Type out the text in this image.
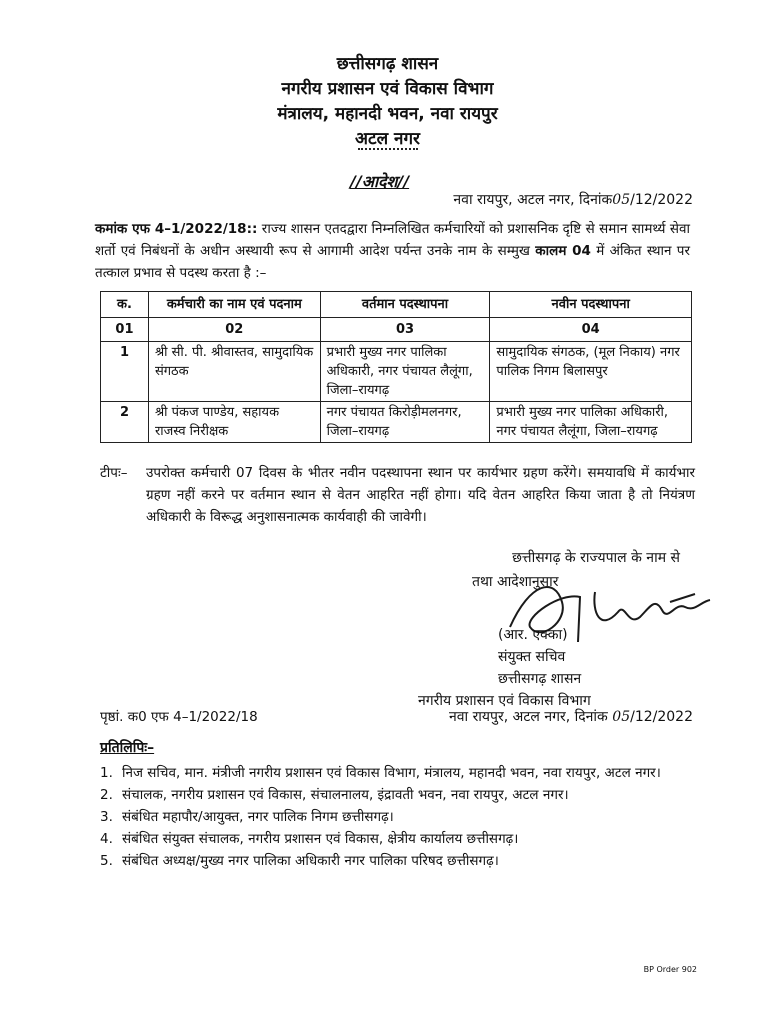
छत्तीसगढ़ शासन
नगरीय प्रशासन एवं विकास विभाग
मंत्रालय, महानदी भवन, नवा रायपुर
अटल नगर
//आदेश//
नवा रायपुर, अटल नगर, दिनांक05/12/2022
कमांक एफ 4–1/2022/18:: राज्य शासन एतदद्वारा निम्नलिखित कर्मचारियों को प्रशासनिक दृष्टि से समान सामर्थ्य सेवा शर्तो एवं निबंधनों के अधीन अस्थायी रूप से आगामी आदेश पर्यन्त उनके नाम के सम्मुख कालम 04 में अंकित स्थान पर तत्काल प्रभाव से पदस्थ करता है :–
क.	कर्मचारी का नाम एवं पदनाम	वर्तमान पदस्थापना	नवीन पदस्थापना
01	02	03	04
1	श्री सी. पी. श्रीवास्तव, सामुदायिक संगठक	प्रभारी मुख्य नगर पालिका अधिकारी, नगर पंचायत लैलूंगा, जिला–रायगढ़	सामुदायिक संगठक, (मूल निकाय) नगर पालिक निगम बिलासपुर
2	श्री पंकज पाण्डेय, सहायक राजस्व निरीक्षक	नगर पंचायत किरोड़ीमलनगर, जिला–रायगढ़	प्रभारी मुख्य नगर पालिका अधिकारी, नगर पंचायत लैलूंगा, जिला–रायगढ़
टीपः– उपरोक्त कर्मचारी 07 दिवस के भीतर नवीन पदस्थापना स्थान पर कार्यभार ग्रहण करेंगे। समयावधि में कार्यभार ग्रहण नहीं करने पर वर्तमान स्थान से वेतन आहरित नहीं होगा। यदि वेतन आहरित किया जाता है तो नियंत्रण अधिकारी के विरूद्ध अनुशासनात्मक कार्यवाही की जावेगी।
छत्तीसगढ़ के राज्यपाल के नाम से
तथा आदेशानुसार
(आर. एक्का)
संयुक्त सचिव
छत्तीसगढ़ शासन
नगरीय प्रशासन एवं विकास विभाग
पृष्ठां. क0 एफ 4–1/2022/18	नवा रायपुर, अटल नगर, दिनांक 05/12/2022
प्रतिलिपिः–
1. निज सचिव, मान. मंत्रीजी नगरीय प्रशासन एवं विकास विभाग, मंत्रालय, महानदी भवन, नवा रायपुर, अटल नगर।
2. संचालक, नगरीय प्रशासन एवं विकास, संचालनालय, इंद्रावती भवन, नवा रायपुर, अटल नगर।
3. संबंधित महापौर/आयुक्त, नगर पालिक निगम छत्तीसगढ़।
4. संबंधित संयुक्त संचालक, नगरीय प्रशासन एवं विकास, क्षेत्रीय कार्यालय छत्तीसगढ़।
5. संबंधित अध्यक्ष/मुख्य नगर पालिका अधिकारी नगर पालिका परिषद छत्तीसगढ़।
BP Order 902
